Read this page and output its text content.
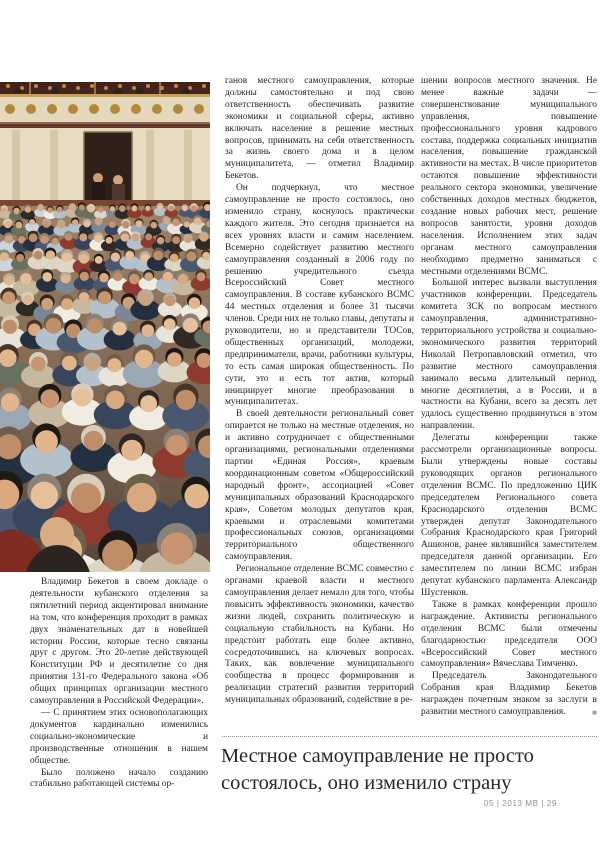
Владимир Бекетов в своем докладе о деятельности кубанского отделения за пятилетний период акцентировал внимание на том, что конференция проходит в рамках двух знаменательных дат в новейшей истории России, которые тесно связаны друг с другом. Это 20-летие действующей Конституции РФ и десятилетие со дня принятия 131-го Федерального закона «Об общих принципах организации местного самоуправления в Российской Федерации».

— С принятием этих основополагающих документов кардинально изменились социально-экономические и производственные отношения в нашем обществе.

Было положено начало созданию стабильно работающей системы ор-

ганов местного самоуправления, которые должны самостоятельно и под свою ответственность обеспечивать развитие экономики и социальной сферы, активно включать население в решение местных вопросов, принимать на себя ответственность за жизнь своего дома и в целом муниципалитета, — отметил Владимир Бекетов.

Он подчеркнул, что местное самоуправление не просто состоялось, оно изменило страну, коснулось практически каждого жителя. Это сегодня признается на всех уровнях власти и самим населением. Всемерно содействует развитию местного самоуправления созданный в 2006 году по решению учредительного съезда Всероссийский Совет местного самоуправления. В составе кубанского ВСМС 44 местных отделения и более 31 тысячи членов. Среди них не только главы, депутаты и руководители, но и представители ТОСов, общественных организаций, молодежи, предприниматели, врачи, работники культуры, то есть самая широкая общественность. По сути, это и есть тот актив, который инициирует многие преобразования в муниципалитетах.

В своей деятельности региональный совет опирается не только на местные отделения, но и активно сотрудничает с общественными организациями, региональными отделениями партии «Единая Россия», краевым координационным советом «Общероссийский народный фронт», ассоциацией «Совет муниципальных образований Краснодарского края», Советом молодых депутатов края, краевыми и отраслевыми комитетами профессиональных союзов, организациями территориального общественного самоуправления.

Региональное отделение ВСМС совместно с органами краевой власти и местного самоуправления делает немало для того, чтобы повысить эффективность экономики, качество жизни людей, сохранить политическую и социальную стабильность на Кубани. Но предстоит работать еще более активно, сосредоточившись на ключевых вопросах. Таких, как вовлечение муниципального сообщества в процесс формирования и реализации стратегий развития территорий муниципальных образований, содействие в ре-

шении вопросов местного значения. Не менее важные задачи — совершенствование муниципального управления, повышение профессионального уровня кадрового состава, поддержка социальных инициатив населения, повышение гражданской активности на местах. В числе приоритетов остаются повышение эффективности реального сектора экономики, увеличение собственных доходов местных бюджетов, создание новых рабочих мест, решение вопросов занятости, уровня доходов населения. Исполнением этих задач органам местного самоуправления необходимо предметно заниматься с местными отделениями ВСМС.

Большой интерес вызвали выступления участников конференции. Председатель комитета ЗСК по вопросам местного самоуправления, административно-территориального устройства и социально-экономического развития территорий Николай Петропавловский отметил, что развитие местного самоуправления занимало весьма длительный период, многие десятилетия, а в России, и в частности на Кубани, всего за десять лет удалось существенно продвинуться в этом направлении.

Делегаты конференции также рассмотрели организационные вопросы. Были утверждены новые составы руководящих органов регионального отделения ВСМС. По предложению ЦИК председателем Регионального совета Краснодарского отделения ВСМС утвержден депутат Законодательного Собрания Краснодарского края Григорий Ашионов, ранее являвшийся заместителем председателя данной организации. Его заместителем по линии ВСМС избран депутат кубанского парламента Александр Шустенков.

Также в рамках конференции прошло награждение. Активисты регионального отделения ВСМС были отмечены благодарностью председателя ООО «Всероссийский Совет местного самоуправления» Вячеслава Тимченко.

Председатель Законодательного Собрания края Владимир Бекетов награжден почетным знаком за заслуги в развитии местного самоуправления.	■

Местное самоуправление не просто состоялось, оно изменило страну
05 | 2013 МВ | 29
